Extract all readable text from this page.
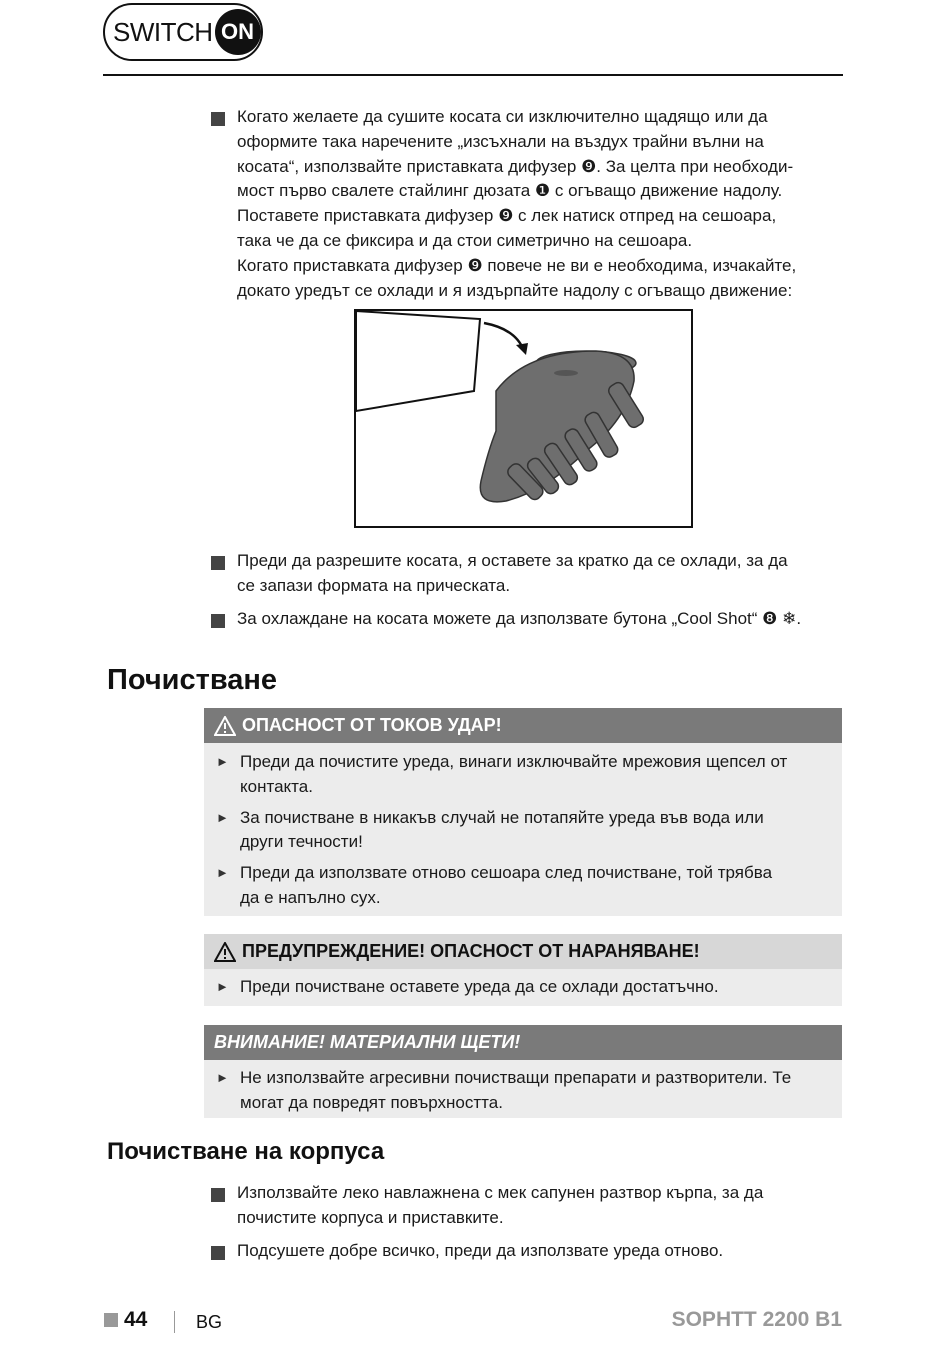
SWITCH ON
Когато желаете да сушите косата си изключително щадящо или да
оформите така наречените „изсъхнали на въздух трайни вълни на
косата“, използвайте приставката дифузер ❾. За целта при необходи-
мост първо свалете стайлинг дюзата ❶ с огъващо движение надолу.
Поставете приставката дифузер ❾ с лек натиск отпред на сешоара,
така че да се фиксира и да стои симетрично на сешоара.
Когато приставката дифузер ❾ повече не ви е необходима, изчакайте,
докато уредът се охлади и я издърпайте надолу с огъващо движение:
Преди да разрешите косата, я оставете за кратко да се охлади, за да
се запази формата на прическата.
За охлаждане на косата можете да използвате бутона „Cool Shot“ ❽ ❄.
Почистване
ОПАСНОСТ ОТ ТОКОВ УДАР!
► Преди да почистите уреда, винаги изключвайте мрежовия щепсел от
контакта.
► За почистване в никакъв случай не потапяйте уреда във вода или
други течности!
► Преди да използвате отново сешоара след почистване, той трябва
да е напълно сух.
ПРЕДУПРЕЖДЕНИЕ! ОПАСНОСТ ОТ НАРАНЯВАНЕ!
► Преди почистване оставете уреда да се охлади достатъчно.
ВНИМАНИЕ! МАТЕРИАЛНИ ЩЕТИ!
► Не използвайте агресивни почистващи препарати и разтворители. Те
могат да повредят повърхността.
Почистване на корпуса
Използвайте леко навлажнена с мек сапунен разтвор кърпа, за да
почистите корпуса и приставките.
Подсушете добре всичко, преди да използвате уреда отново.
44	BG	SOPHTT 2200 B1
